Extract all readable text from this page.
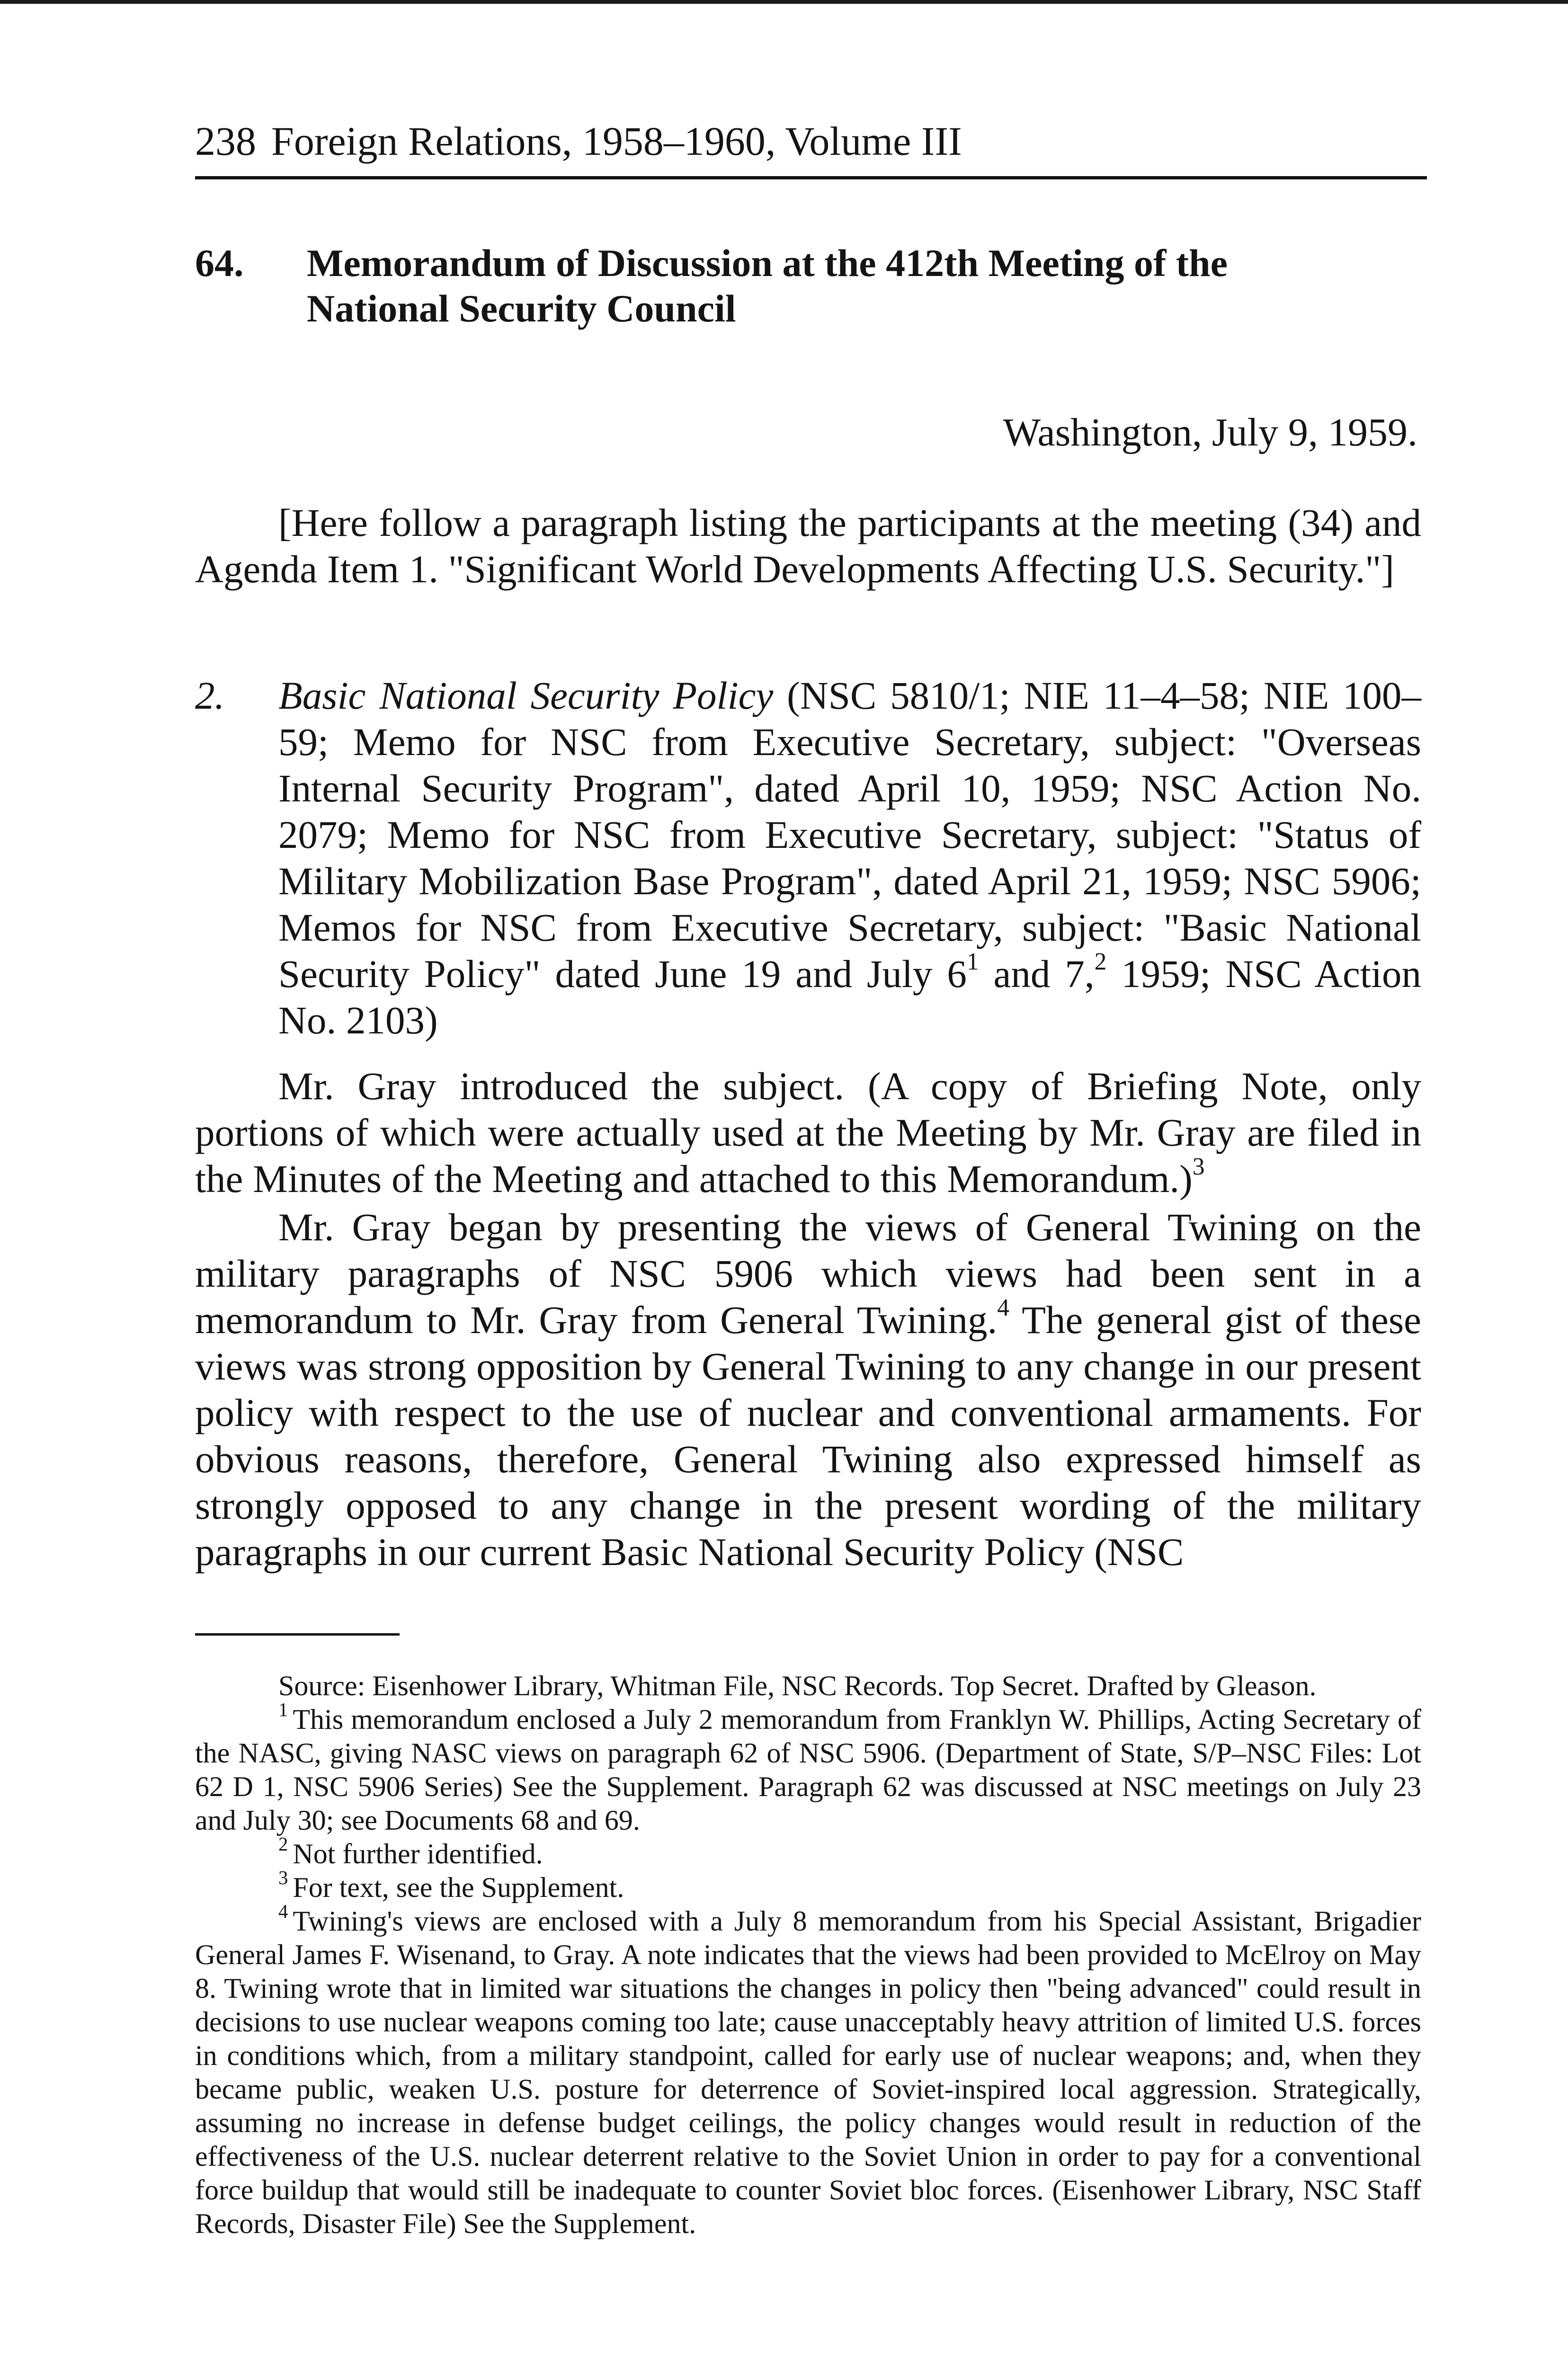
238 Foreign Relations, 1958–1960, Volume III
64. Memorandum of Discussion at the 412th Meeting of the National Security Council
Washington, July 9, 1959.
[Here follow a paragraph listing the participants at the meeting (34) and Agenda Item 1. "Significant World Developments Affecting U.S. Security."]
2. Basic National Security Policy (NSC 5810/1; NIE 11–4–58; NIE 100–59; Memo for NSC from Executive Secretary, subject: "Overseas Internal Security Program", dated April 10, 1959; NSC Action No. 2079; Memo for NSC from Executive Secretary, subject: "Status of Military Mobilization Base Program", dated April 21, 1959; NSC 5906; Memos for NSC from Executive Secretary, subject: "Basic National Security Policy" dated June 19 and July $6^1$ and 7,$^2$ 1959; NSC Action No. 2103)
Mr. Gray introduced the subject. (A copy of Briefing Note, only portions of which were actually used at the Meeting by Mr. Gray are filed in the Minutes of the Meeting and attached to this Memorandum.)$^3$
Mr. Gray began by presenting the views of General Twining on the military paragraphs of NSC 5906 which views had been sent in a memorandum to Mr. Gray from General Twining.$^4$ The general gist of these views was strong opposition by General Twining to any change in our present policy with respect to the use of nuclear and conventional armaments. For obvious reasons, therefore, General Twining also expressed himself as strongly opposed to any change in the present wording of the military paragraphs in our current Basic National Security Policy (NSC

Source: Eisenhower Library, Whitman File, NSC Records. Top Secret. Drafted by Gleason.

$^1$ This memorandum enclosed a July 2 memorandum from Franklyn W. Phillips, Acting Secretary of the NASC, giving NASC views on paragraph 62 of NSC 5906. (Department of State, S/P–NSC Files: Lot 62 D 1, NSC 5906 Series) See the Supplement. Paragraph 62 was discussed at NSC meetings on July 23 and July 30; see Documents 68 and 69.

$^2$ Not further identified.

$^3$ For text, see the Supplement.

$^4$ Twining's views are enclosed with a July 8 memorandum from his Special Assistant, Brigadier General James F. Wisenand, to Gray. A note indicates that the views had been provided to McElroy on May 8. Twining wrote that in limited war situations the changes in policy then "being advanced" could result in decisions to use nuclear weapons coming too late; cause unacceptably heavy attrition of limited U.S. forces in conditions which, from a military standpoint, called for early use of nuclear weapons; and, when they became public, weaken U.S. posture for deterrence of Soviet-inspired local aggression. Strategically, assuming no increase in defense budget ceilings, the policy changes would result in reduction of the effectiveness of the U.S. nuclear deterrent relative to the Soviet Union in order to pay for a conventional force buildup that would still be inadequate to counter Soviet bloc forces. (Eisenhower Library, NSC Staff Records, Disaster File) See the Supplement.
